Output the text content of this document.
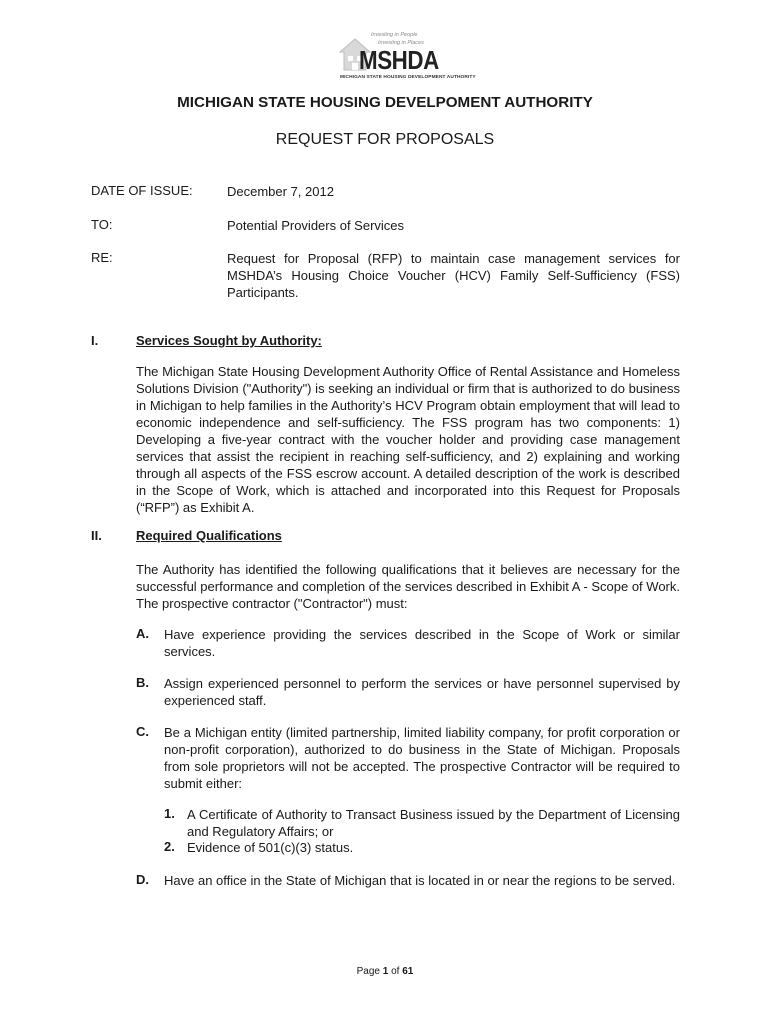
Investing in People
Investing in Places
MSHDA
MICHIGAN STATE HOUSING DEVELOPMENT AUTHORITY
MICHIGAN STATE HOUSING DEVELPOMENT AUTHORITY
REQUEST FOR PROPOSALS
DATE OF ISSUE:	December 7, 2012
TO:	Potential Providers of Services
RE:	Request for Proposal (RFP) to maintain case management services for MSHDA’s Housing Choice Voucher (HCV) Family Self-Sufficiency (FSS) Participants.
I.	Services Sought by Authority:
The Michigan State Housing Development Authority Office of Rental Assistance and Homeless Solutions Division ("Authority") is seeking an individual or firm that is authorized to do business in Michigan to help families in the Authority’s HCV Program obtain employment that will lead to economic independence and self-sufficiency. The FSS program has two components: 1) Developing a five-year contract with the voucher holder and providing case management services that assist the recipient in reaching self-sufficiency, and 2) explaining and working through all aspects of the FSS escrow account. A detailed description of the work is described in the Scope of Work, which is attached and incorporated into this Request for Proposals (“RFP”) as Exhibit A.
II.	Required Qualifications
The Authority has identified the following qualifications that it believes are necessary for the successful performance and completion of the services described in Exhibit A - Scope of Work. The prospective contractor ("Contractor") must:
A. Have experience providing the services described in the Scope of Work or similar services.
B. Assign experienced personnel to perform the services or have personnel supervised by experienced staff.
C. Be a Michigan entity (limited partnership, limited liability company, for profit corporation or non-profit corporation), authorized to do business in the State of Michigan. Proposals from sole proprietors will not be accepted. The prospective Contractor will be required to submit either:
1. A Certificate of Authority to Transact Business issued by the Department of Licensing and Regulatory Affairs; or
2. Evidence of 501(c)(3) status.
D. Have an office in the State of Michigan that is located in or near the regions to be served.
Page 1 of 61
